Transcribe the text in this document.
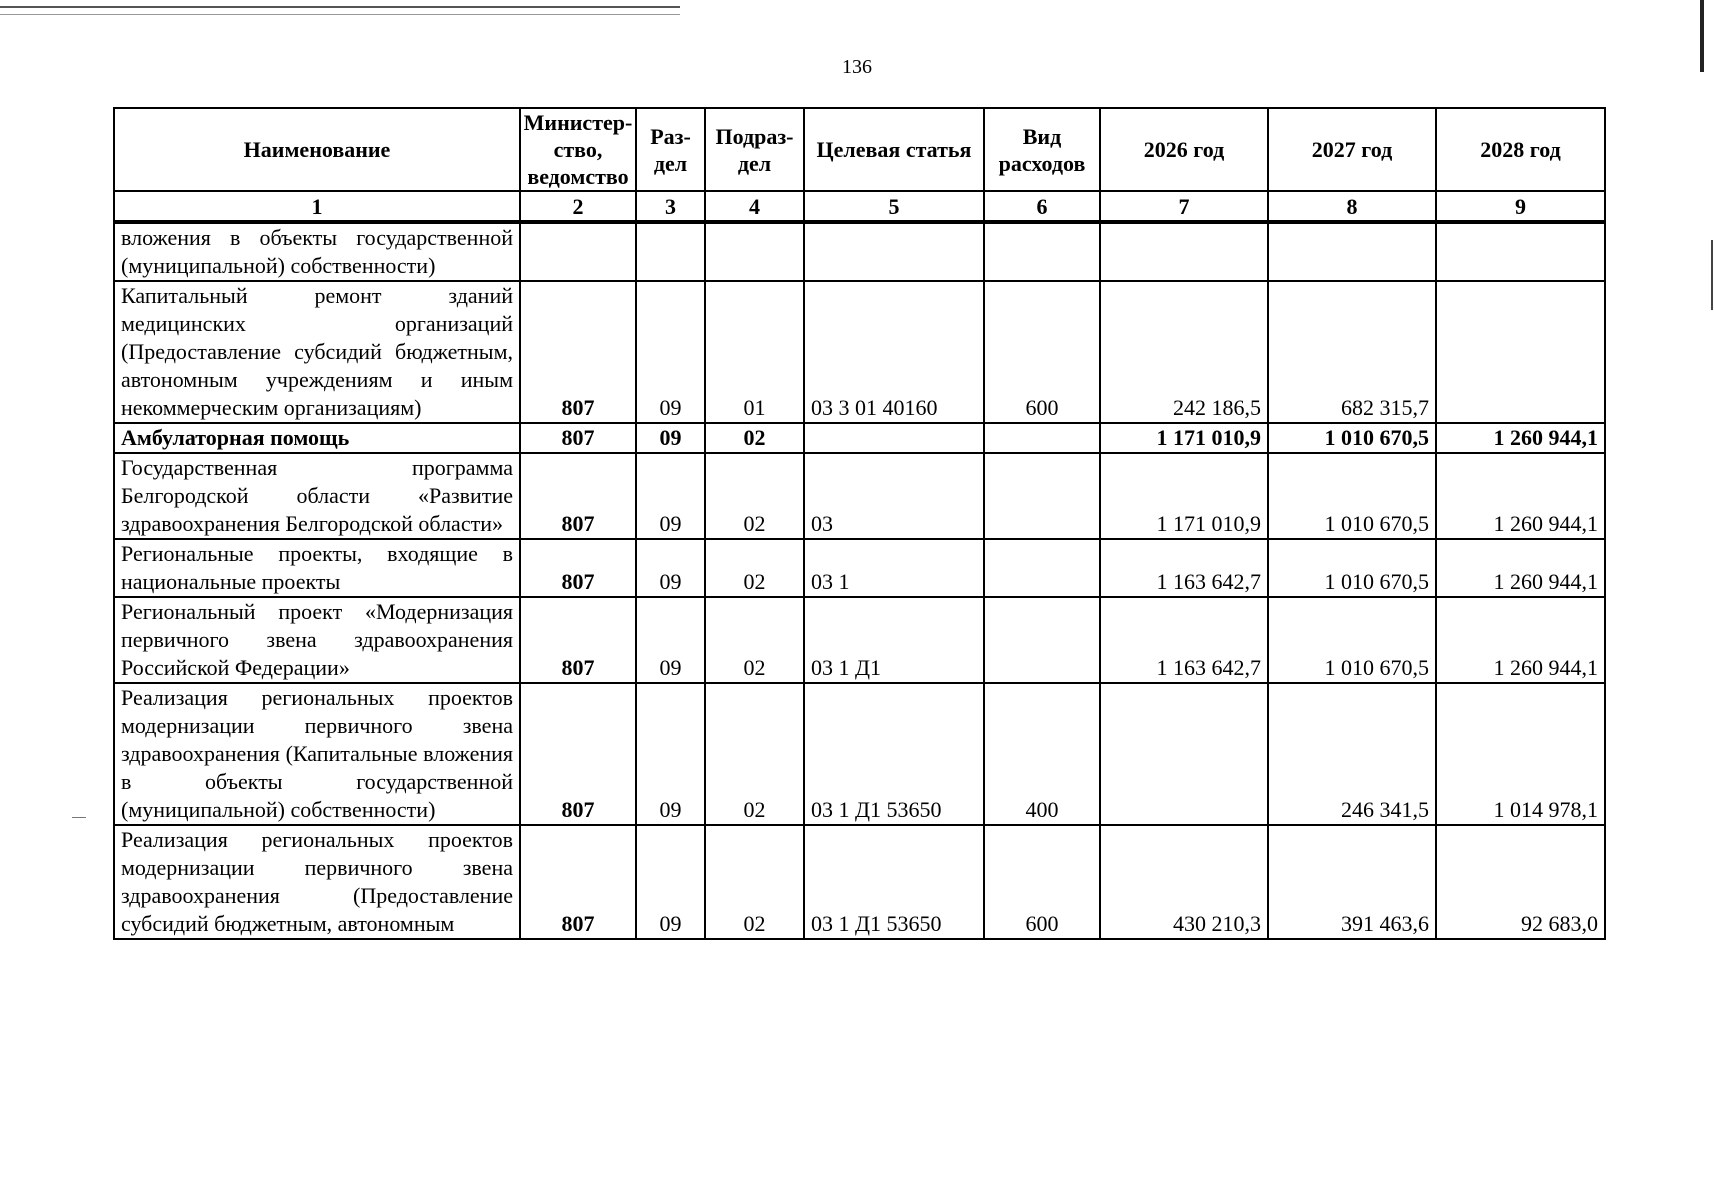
136
Наименование	Министер-ство, ведомство	Раз-дел	Подраз-дел	Целевая статья	Вид расходов	2026 год	2027 год	2028 год
1	2	3	4	5	6	7	8	9
вложения в объекты государственной (муниципальной) собственности)								
Капитальный ремонт зданий медицинских организаций (Предоставление субсидий бюджетным, автономным учреждениям и иным некоммерческим организациям)	807	09	01	03 3 01 40160	600	242 186,5	682 315,7	
Амбулаторная помощь	807	09	02			1 171 010,9	1 010 670,5	1 260 944,1
Государственная программа Белгородской области «Развитие здравоохранения Белгородской области»	807	09	02	03		1 171 010,9	1 010 670,5	1 260 944,1
Региональные проекты, входящие в национальные проекты	807	09	02	03 1		1 163 642,7	1 010 670,5	1 260 944,1
Региональный проект «Модернизация первичного звена здравоохранения Российской Федерации»	807	09	02	03 1 Д1		1 163 642,7	1 010 670,5	1 260 944,1
Реализация региональных проектов модернизации первичного звена здравоохранения (Капитальные вложения в объекты государственной (муниципальной) собственности)	807	09	02	03 1 Д1 53650	400		246 341,5	1 014 978,1
Реализация региональных проектов модернизации первичного звена здравоохранения (Предоставление субсидий бюджетным, автономным	807	09	02	03 1 Д1 53650	600	430 210,3	391 463,6	92 683,0
